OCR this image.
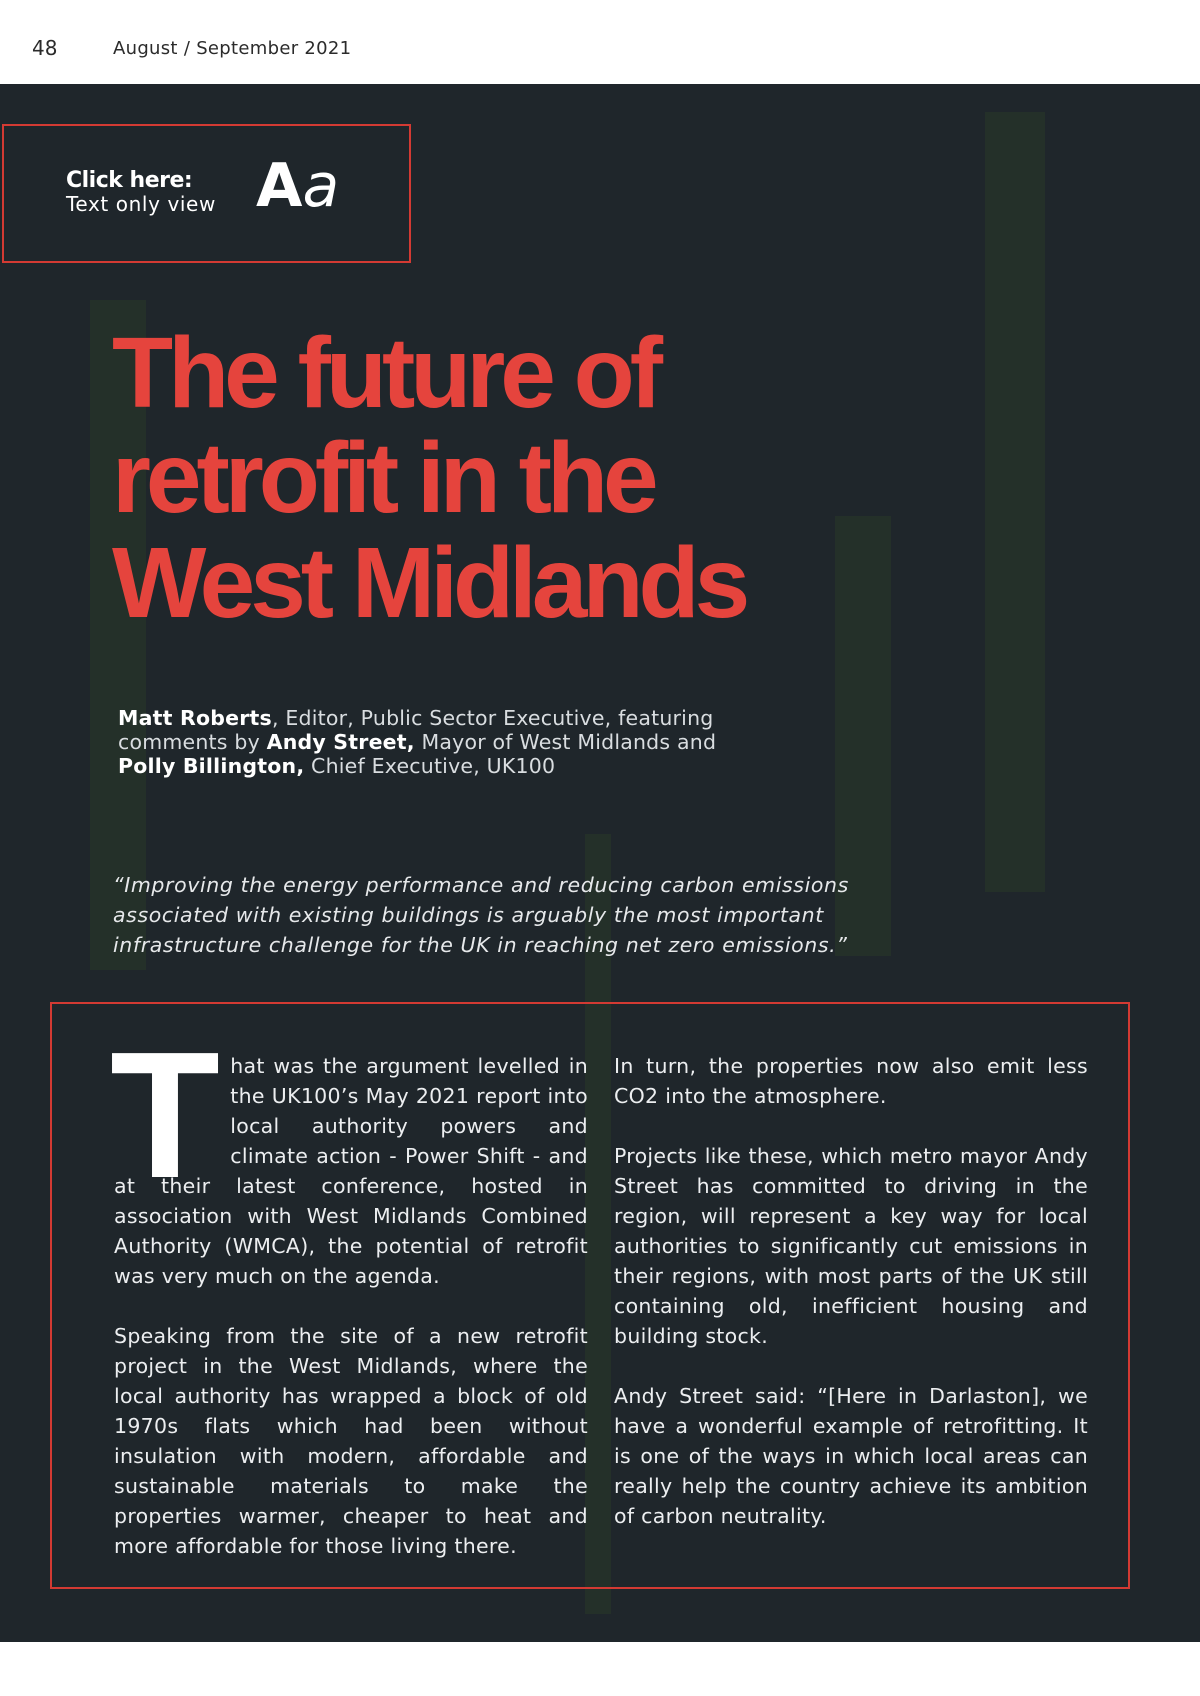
48	August / September 2021
Click here:
Text only view Aa
The future of
retrofit in the
West Midlands
Matt Roberts, Editor, Public Sector Executive, featuring comments by Andy Street, Mayor of West Midlands and Polly Billington, Chief Executive, UK100
“Improving the energy performance and reducing carbon emissions associated with existing buildings is arguably the most important infrastructure challenge for the UK in reaching net zero emissions.”

That was the argument levelled in the UK100’s May 2021 report into local authority powers and climate action - Power Shift - and at their latest conference, hosted in association with West Midlands Combined Authority (WMCA), the potential of retrofit was very much on the agenda.

Speaking from the site of a new retrofit project in the West Midlands, where the local authority has wrapped a block of old 1970s flats which had been without insulation with modern, affordable and sustainable materials to make the properties warmer, cheaper to heat and more affordable for those living there.

In turn, the properties now also emit less CO2 into the atmosphere.

Projects like these, which metro mayor Andy Street has committed to driving in the region, will represent a key way for local authorities to significantly cut emissions in their regions, with most parts of the UK still containing old, inefficient housing and building stock.

Andy Street said: “[Here in Darlaston], we have a wonderful example of retrofitting. It is one of the ways in which local areas can really help the country achieve its ambition of carbon neutrality.
